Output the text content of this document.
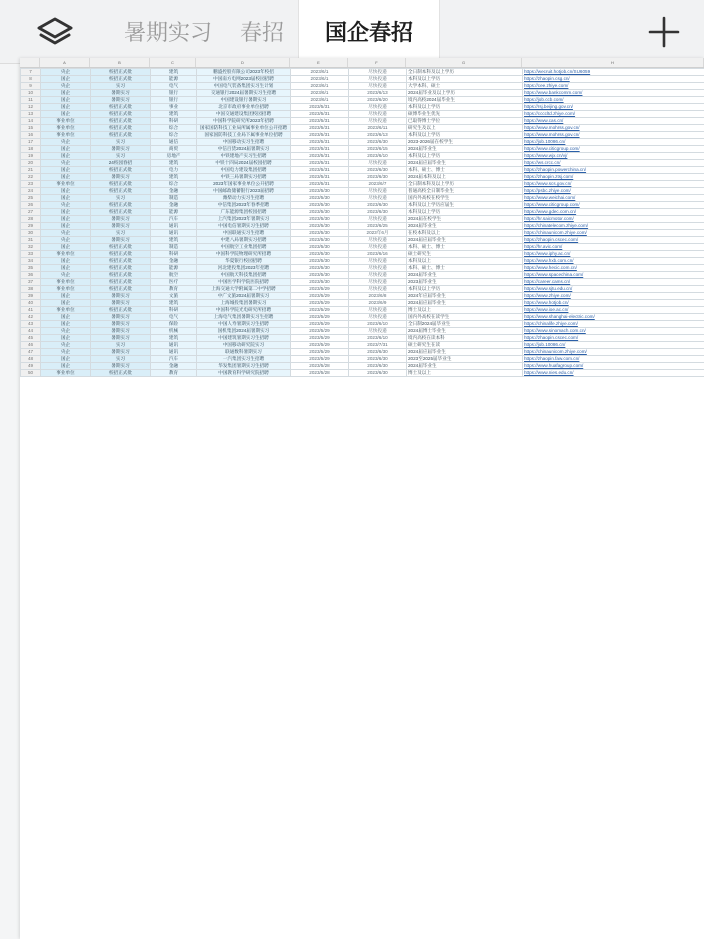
暑期实习	春招	国企春招
A	B	C	D	E	F	G	H
7	央企	校招正式批	建筑	鹏盛控股有限公司2023年校招	2023/6/1	尽快投递	全日制本科及以上学历	https://wecruit.hotjob.cn/SU6059
8	国企	校招正式批	能源	中国南方电网2023届校园招聘	2023/6/1	尽快投递	本科及以上学历	https://zhaopin.csg.cn/
9	央企	实习	电气	中国电气装备集团实习生计划	2023/6/1	尽快投递	大学本科、硕士	https://cee.zhiye.com/
10	国企	暑期实习	银行	交通银行2024届暑期实习生招聘	2023/6/1	2023/6/13	2024届毕业及以上学历	https://www.bankcomm.com/
11	国企	暑期实习	银行	中国建设银行暑期实习	2023/6/1	2023/6/20	境内高校2024届毕业生	https://job.ccb.com/
12	国企	校招正式批	事业	北京市政府事业单位招聘	2023/5/31	尽快投递	本科及以上学历	https://rsj.beijing.gov.cn/
13	国企	校招正式批	建筑	中国交通建设集团校园招聘	2023/5/31	尽快投递	硕博毕业生优先	https://ccccltd.zhiye.com/
14	事业单位	校招正式批	科研	中国科学院研究所2023年招聘	2023/5/31	尽快投递	已取得博士学位	https://www.cas.cn/
15	事业单位	校招正式批	综合	国家国防科技工业局所属事业单位公开招聘	2023/5/31	2023/6/11	研究生及以上	https://www.mohrss.gov.cn/
16	事业单位	校招正式批	综合	国家国防科技工业局下属事业单位招聘	2023/5/31	2023/6/13	本科及以上学历	https://www.mohrss.gov.cn/
17	央企	实习	通信	中国移动实习生招聘	2023/5/31	2023/6/30	2023-2026届在校学生	https://job.10086.cn/
18	国企	暑期实习	商贸	中信百货2024届暑期实习	2023/5/31	2023/6/15	2024届毕业生	https://www.citicgroup.com/
19	国企	实习	房地产	中铁建地产实习生招聘	2023/5/31	2023/6/10	本科及以上学历	https://www.wjx.cn/vj/
20	央企	24校园春招	建筑	中铁十四局2024届校园招聘	2023/5/31	尽快投递	2024届应届毕业生	https://ws.crcc.cn/
21	国企	校招正式批	电力	中国电力建设集团招聘	2023/5/31	2023/6/30	本科、硕士、博士	https://zhaopin.powerchina.cn/
22	国企	暑期实习	建筑	中铁三局暑期实习招聘	2023/5/31	2023/6/30	2024届本科及以上	https://zhaopin.ztsj.com/
23	事业单位	校招正式批	综合	2023年国家事业单位公开招聘	2023/5/31	2023/6/7	全日制本科及以上学历	https://www.scs.gov.cn/
24	国企	校招正式批	金融	中国邮政储蓄银行2023届招聘	2023/5/30	尽快投递	普通高校全日制毕业生	https://psbc.zhiye.com/
25	国企	实习	制造	潍柴动力实习生招聘	2023/5/30	尽快投递	国内外高校在校学生	https://www.weichai.com/
26	央企	校招正式批	金融	中信集团2023年春季招聘	2023/5/30	2023/6/30	本科及以上学历应届生	https://www.citicgroup.com/
27	国企	校招正式批	能源	广东能源集团校园招聘	2023/5/30	2023/6/30	本科及以上学历	https://www.gdec.com.cn/
28	国企	暑期实习	汽车	上汽集团2023年暑期实习	2023/5/30	尽快投递	2024届在校学生	https://hr.saicmotor.com/
29	国企	暑期实习	通讯	中国电信暑期实习生招聘	2023/5/30	2023/6/25	2024届毕业生	https://chinatelecom.zhiye.com/
30	央企	实习	通讯	中国联通实习生招聘	2023/5/30	2023年6月	在校本科及以上	https://chinaunicom.zhiye.com/
31	央企	暑期实习	建筑	中建八局暑期实习招聘	2023/5/30	尽快投递	2024届应届毕业生	https://zhaopin.cscec.com/
32	国企	校招正式批	制造	中国航空工业集团招聘	2023/5/30	尽快投递	本科、硕士、博士	https://hr.avic.com/
33	事业单位	校招正式批	科研	中国科学院物理研究所招聘	2023/5/30	2023/6/16	硕士研究生	https://www.iphy.ac.cn/
34	国企	校招正式批	金融	华夏银行校园招聘	2023/5/30	尽快投递	本科及以上	https://www.hxb.com.cn/
35	国企	校招正式批	能源	河北建投集团2023年招聘	2023/5/30	尽快投递	本科、硕士、博士	https://www.hecic.com.cn/
36	央企	校招正式批	航空	中国航天科技集团招聘	2023/5/30	尽快投递	2024届毕业生	https://www.spacechina.com/
37	事业单位	校招正式批	医疗	中国医学科学院医院招聘	2023/5/30	尽快投递	2023届毕业生	https://career.cams.cn/
38	事业单位	校招正式批	教育	上海交通大学附属第二中学招聘	2023/5/29	尽快投递	本科及以上学历	https://www.sjtu.edu.cn/
39	国企	暑期实习	文旅	中广文旅2024届暑期实习	2023/5/29	2023/6/8	2024年应届毕业生	https://www.zhiye.com/
40	国企	暑期实习	建筑	上海城投集团暑期实习	2023/5/29	2023/6/9	2024届应届毕业生	https://www.hotjob.cn/
41	事业单位	校招正式批	科研	中国科学院光电研究所招聘	2023/5/29	尽快投递	博士及以上	https://www.ioe.ac.cn/
42	国企	暑期实习	电气	上海电气集团暑期实习生招聘	2023/5/29	尽快投递	国内外高校在读学生	https://www.shanghai-electric.com/
43	国企	暑期实习	保险	中国人寿暑期实习生招聘	2023/5/29	2023/6/10	全日制2024届毕业生	https://chinalife.zhiye.com/
44	央企	暑期实习	机械	国机集团2024届暑期实习	2023/5/29	尽快投递	2024届博士毕业生	https://www.sinomach.com.cn/
45	国企	暑期实习	建筑	中国建筑暑期实习生招聘	2023/5/29	2023/6/10	境内高校在读本科	https://zhaopin.cscec.com/
46	央企	实习	通讯	中国移动研究院实习	2023/5/29	2023/7/31	硕士研究生在读	https://job.10086.cn/
47	央企	暑期实习	通讯	联通数科暑期实习	2023/5/29	2023/6/30	2024届应届毕业生	https://chinaunicom.zhiye.com/
48	国企	实习	汽车	一汽集团实习生招聘	2023/5/29	2023/6/30	2023至2025届毕业生	https://zhaopin.faw.com.cn/
49	国企	暑期实习	金融	华发集团暑期实习生招聘	2023/5/28	2023/6/30	2024届毕业生	https://www.huafagroup.com/
50	事业单位	校招正式批	教育	中国教育科学研究院招聘	2023/5/28	2023/6/30	博士及以上	https://www.nies.edu.cn/
